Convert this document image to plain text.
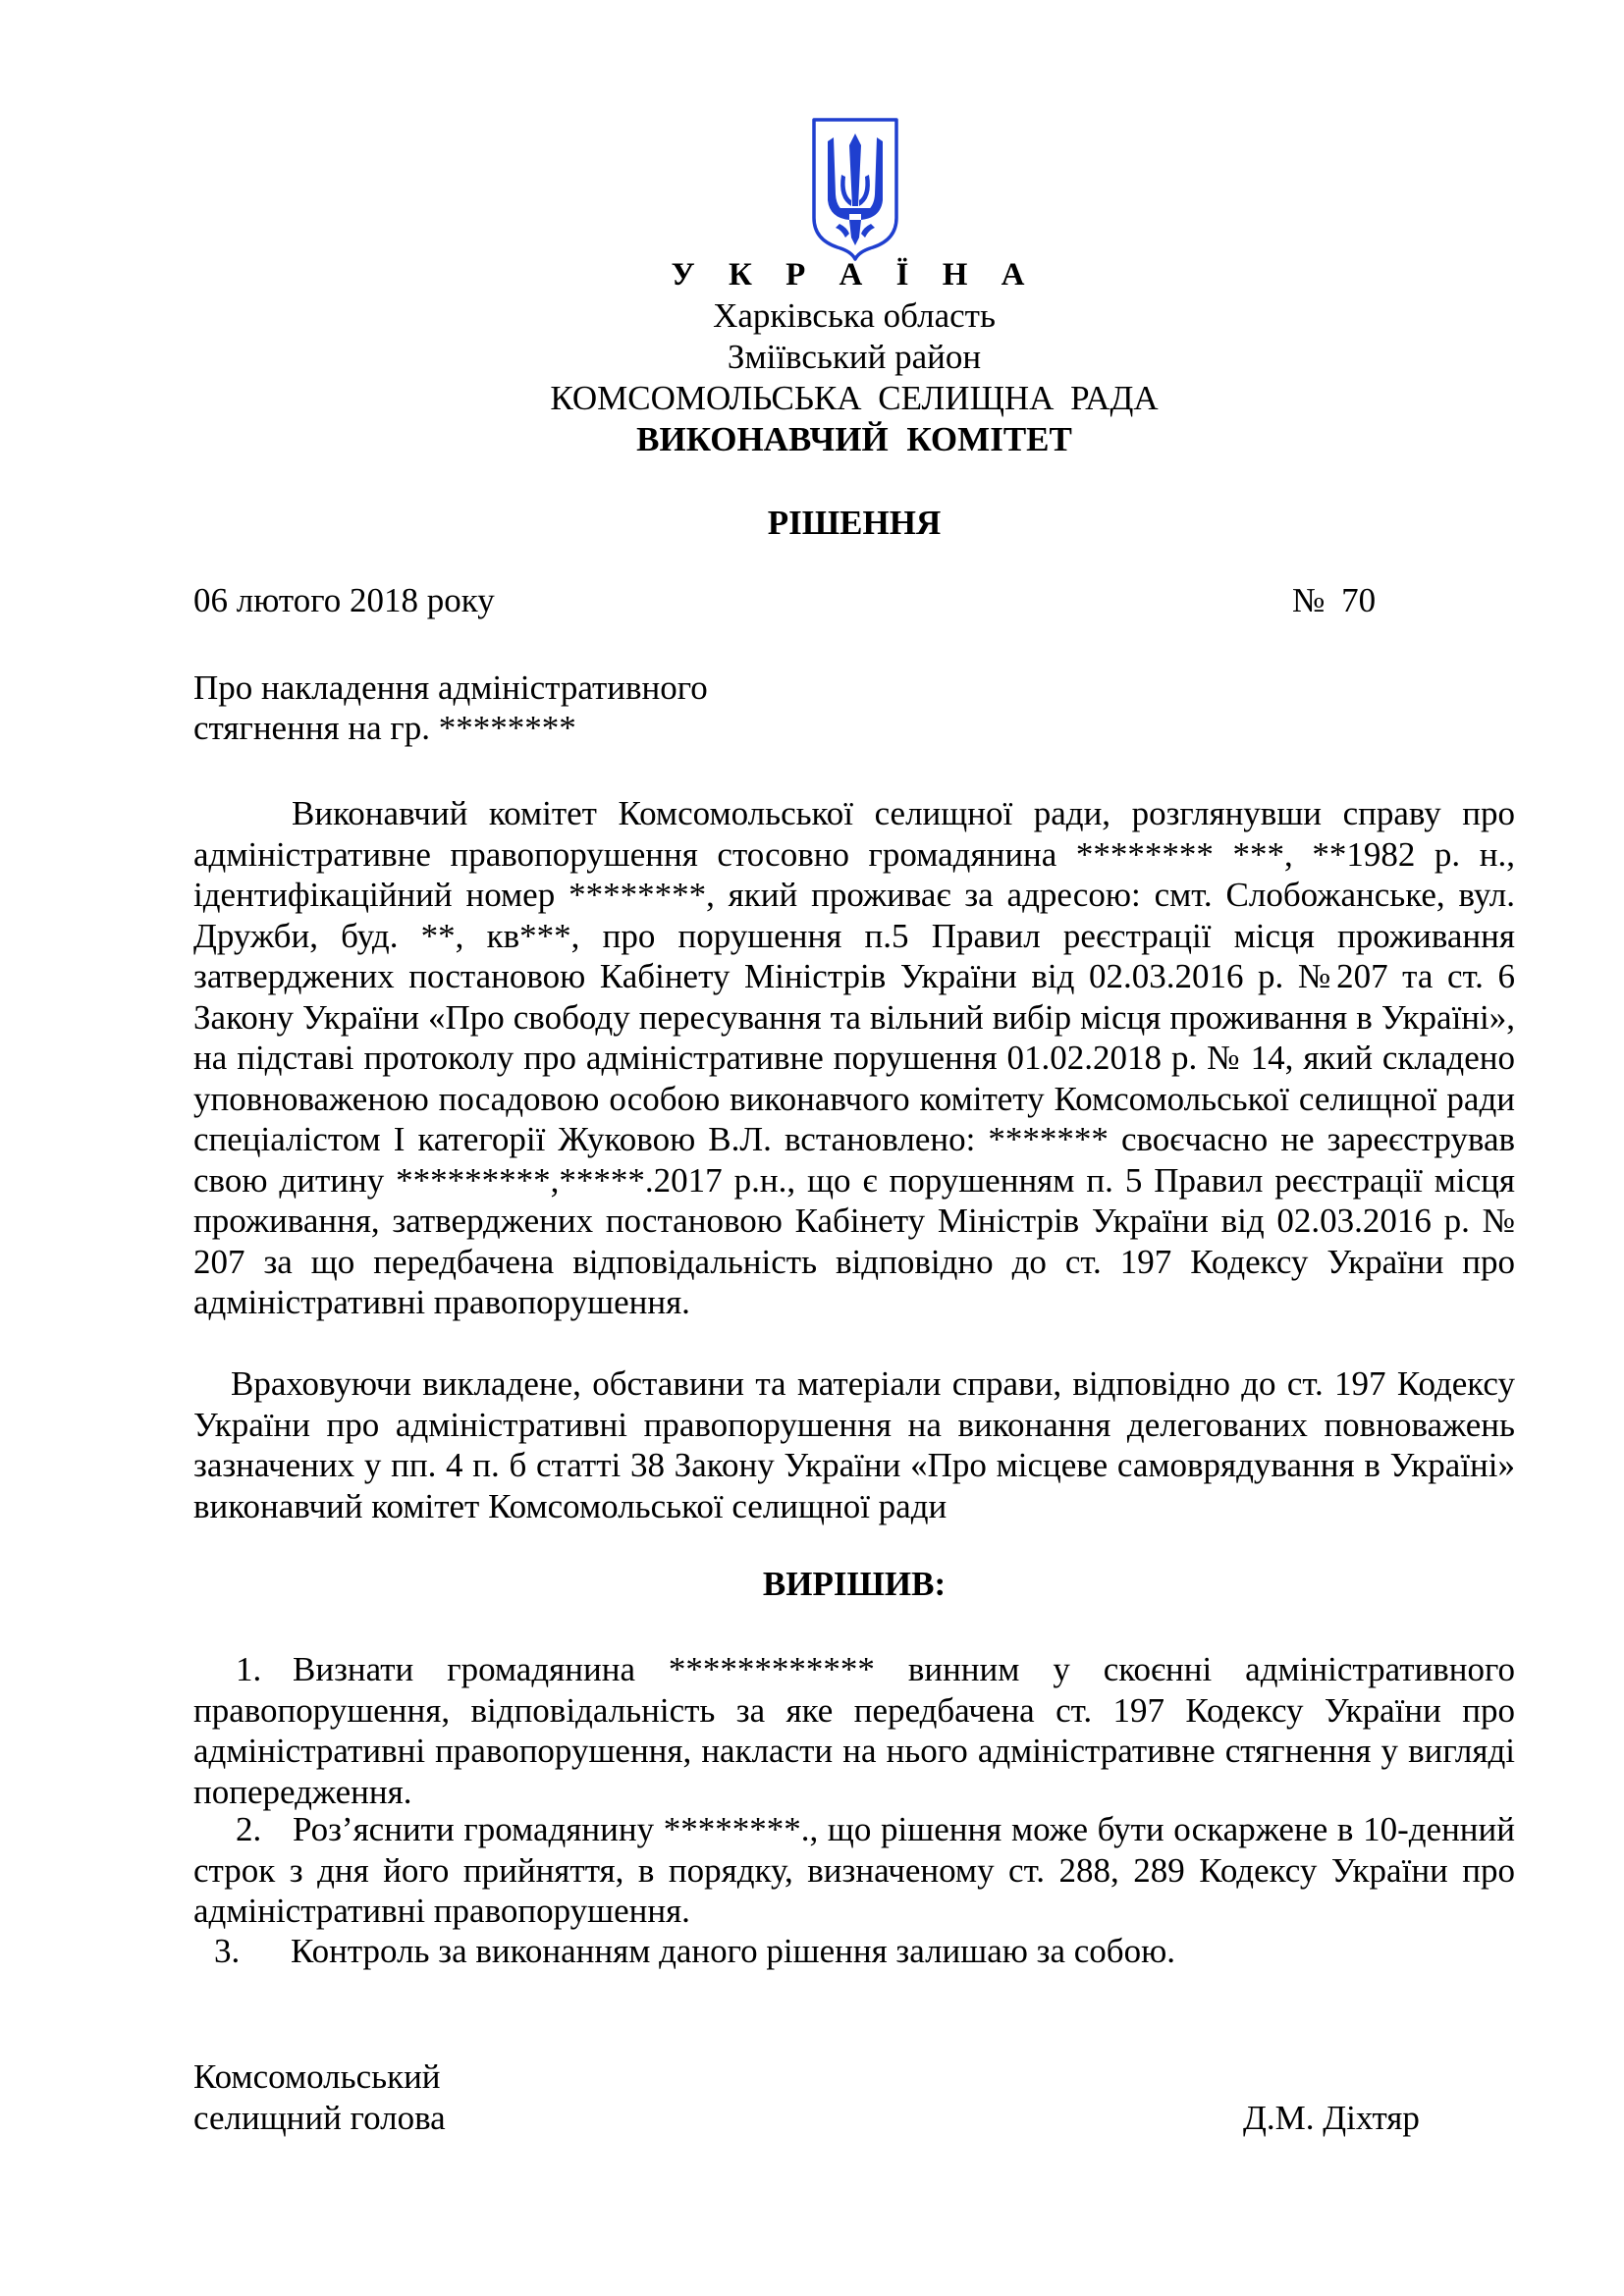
У К Р А Ї Н А
Харківська область
Зміївський район
КОМСОМОЛЬСЬКА СЕЛИЩНА РАДА
ВИКОНАВЧИЙ КОМІТЕТ
РІШЕННЯ
06 лютого 2018 року	№ 70
Про накладення адміністративного
стягнення на гр. ********
Виконавчий комітет Комсомольської селищної ради, розглянувши справу про адміністративне правопорушення стосовно громадянина ******** ***, **1982 р. н., ідентифікаційний номер ********, який проживає за адресою: смт. Слобожанське, вул. Дружби, буд. **, кв***, про порушення п.5 Правил реєстрації місця проживання затверджених постановою Кабінету Міністрів України від 02.03.2016 р. №207 та ст. 6 Закону України «Про свободу пересування та вільний вибір місця проживання в Україні», на підставі протоколу про адміністративне порушення 01.02.2018 р. № 14, який складено уповноваженою посадовою особою виконавчого комітету Комсомольської селищної ради спеціалістом І категорії Жуковою В.Л. встановлено: ******* своєчасно не зареєстрував свою дитину *********,*****.2017 р.н., що є порушенням п. 5 Правил реєстрації місця проживання, затверджених постановою Кабінету Міністрів України від 02.03.2016 р. № 207 за що передбачена відповідальність відповідно до ст. 197 Кодексу України про адміністративні правопорушення.
Враховуючи викладене, обставини та матеріали справи, відповідно до ст. 197 Кодексу України про адміністративні правопорушення на виконання делегованих повноважень зазначених у пп. 4 п. б статті 38 Закону України «Про місцеве самоврядування в Україні» виконавчий комітет Комсомольської селищної ради
ВИРІШИВ:
1. Визнати громадянина ************ винним у скоєнні адміністративного правопорушення, відповідальність за яке передбачена ст. 197 Кодексу України про адміністративні правопорушення, накласти на нього адміністративне стягнення у вигляді попередження.
2. Роз’яснити громадянину ********., що рішення може бути оскаржене в 10-денний строк з дня його прийняття, в порядку, визначеному ст. 288, 289 Кодексу України про адміністративні правопорушення.
3. Контроль за виконанням даного рішення залишаю за собою.
Комсомольський
селищний голова	Д.М. Діхтяр
